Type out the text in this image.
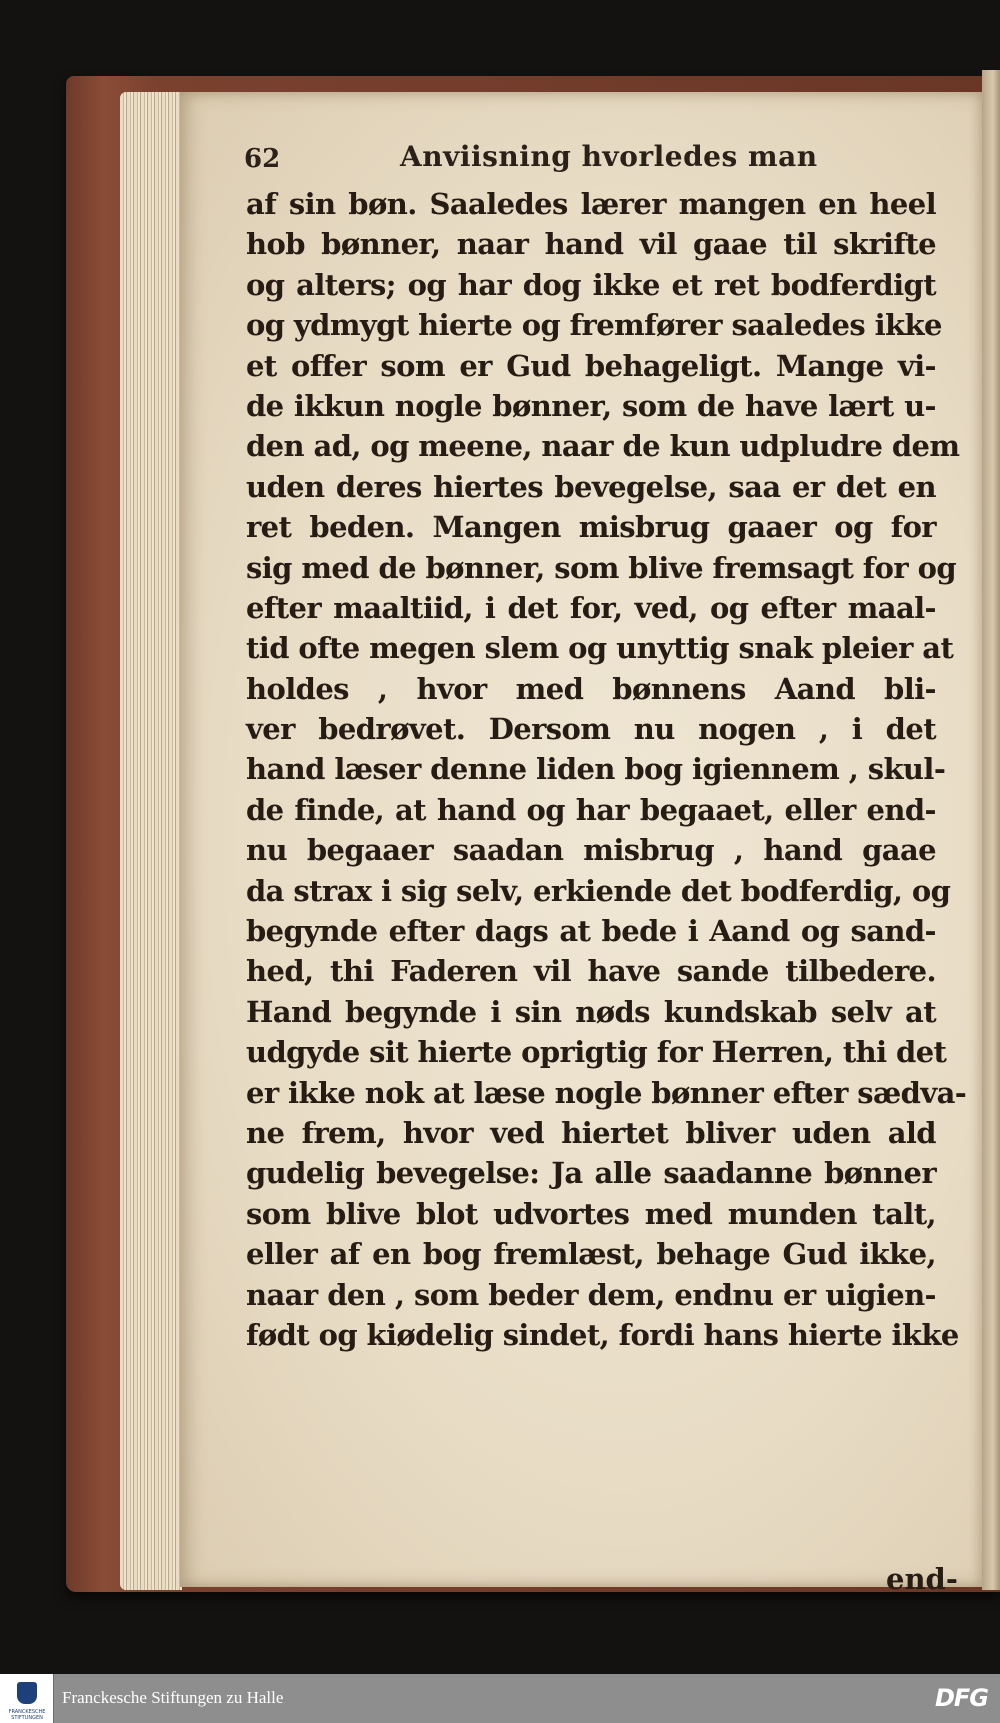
62	Anviisning hvorledes man
af sin bøn. Saaledes lærer mangen en heel
hob bønner, naar hand vil gaae til skrifte
og alters; og har dog ikke et ret bodferdigt
og ydmygt hierte og fremfører saaledes ikke
et offer som er Gud behageligt. Mange vi-
de ikkun nogle bønner, som de have lært u-
den ad, og meene, naar de kun udpludre dem
uden deres hiertes bevegelse, saa er det en
ret beden. Mangen misbrug gaaer og for
sig med de bønner, som blive fremsagt for og
efter maaltiid, i det for, ved, og efter maal-
tid ofte megen slem og unyttig snak pleier at
holdes , hvor med bønnens Aand bli-
ver bedrøvet. Dersom nu nogen , i det
hand læser denne liden bog igiennem , skul-
de finde, at hand og har begaaet, eller end-
nu begaaer saadan misbrug , hand gaae
da strax i sig selv, erkiende det bodferdig, og
begynde efter dags at bede i Aand og sand-
hed, thi Faderen vil have sande tilbedere.
Hand begynde i sin nøds kundskab selv at
udgyde sit hierte oprigtig for Herren, thi det
er ikke nok at læse nogle bønner efter sædva-
ne frem, hvor ved hiertet bliver uden ald
gudelig bevegelse: Ja alle saadanne bønner
som blive blot udvortes med munden talt,
eller af en bog fremlæst, behage Gud ikke,
naar den , som beder dem, endnu er uigien-
født og kiødelig sindet, fordi hans hierte ikke
end-
FRANCKESCHE STIFTUNGEN
Franckesche Stiftungen zu Halle	DFG
